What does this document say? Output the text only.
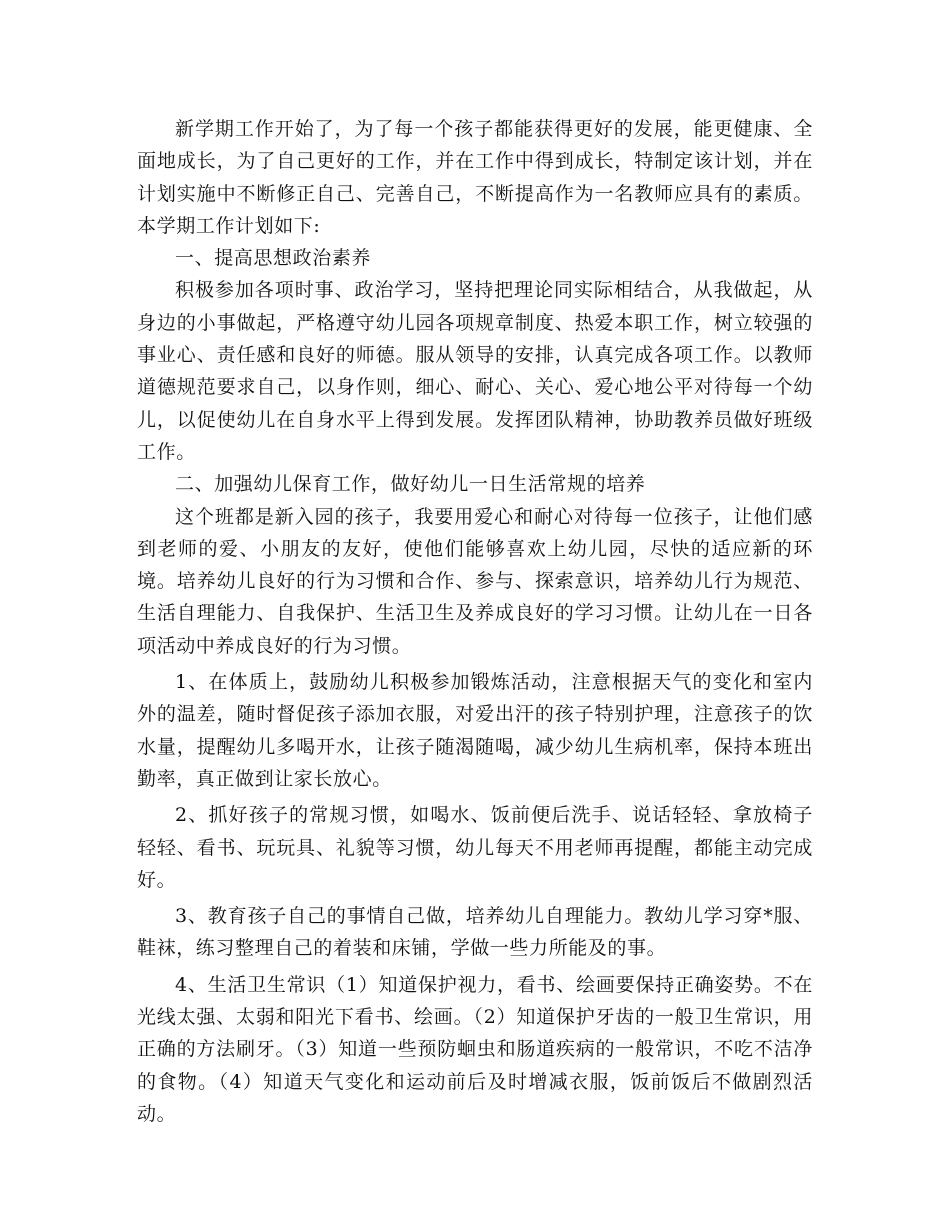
新学期工作开始了，为了每一个孩子都能获得更好的发展，能更健康、全面地成长，为了自己更好的工作，并在工作中得到成长，特制定该计划，并在计划实施中不断修正自己、完善自己，不断提高作为一名教师应具有的素质。本学期工作计划如下:

一、提高思想政治素养

积极参加各项时事、政治学习，坚持把理论同实际相结合，从我做起，从身边的小事做起，严格遵守幼儿园各项规章制度、热爱本职工作，树立较强的事业心、责任感和良好的师德。服从领导的安排，认真完成各项工作。以教师道德规范要求自己，以身作则，细心、耐心、关心、爱心地公平对待每一个幼儿，以促使幼儿在自身水平上得到发展。发挥团队精神，协助教养员做好班级工作。

二、加强幼儿保育工作，做好幼儿一日生活常规的培养

这个班都是新入园的孩子，我要用爱心和耐心对待每一位孩子，让他们感到老师的爱、小朋友的友好，使他们能够喜欢上幼儿园，尽快的适应新的环境。培养幼儿良好的行为习惯和合作、参与、探索意识，培养幼儿行为规范、生活自理能力、自我保护、生活卫生及养成良好的学习习惯。让幼儿在一日各项活动中养成良好的行为习惯。

1、在体质上，鼓励幼儿积极参加锻炼活动，注意根据天气的变化和室内外的温差，随时督促孩子添加衣服，对爱出汗的孩子特别护理，注意孩子的饮水量，提醒幼儿多喝开水，让孩子随渴随喝，减少幼儿生病机率，保持本班出勤率，真正做到让家长放心。

2、抓好孩子的常规习惯，如喝水、饭前便后洗手、说话轻轻、拿放椅子轻轻、看书、玩玩具、礼貌等习惯，幼儿每天不用老师再提醒，都能主动完成好。

3、教育孩子自己的事情自己做，培养幼儿自理能力。教幼儿学习穿*服、鞋袜，练习整理自己的着装和床铺，学做一些力所能及的事。

4、生活卫生常识（1）知道保护视力，看书、绘画要保持正确姿势。不在光线太强、太弱和阳光下看书、绘画。（2）知道保护牙齿的一般卫生常识，用正确的方法刷牙。（3）知道一些预防蛔虫和肠道疾病的一般常识，不吃不洁净的食物。（4）知道天气变化和运动前后及时增减衣服，饭前饭后不做剧烈活动。
